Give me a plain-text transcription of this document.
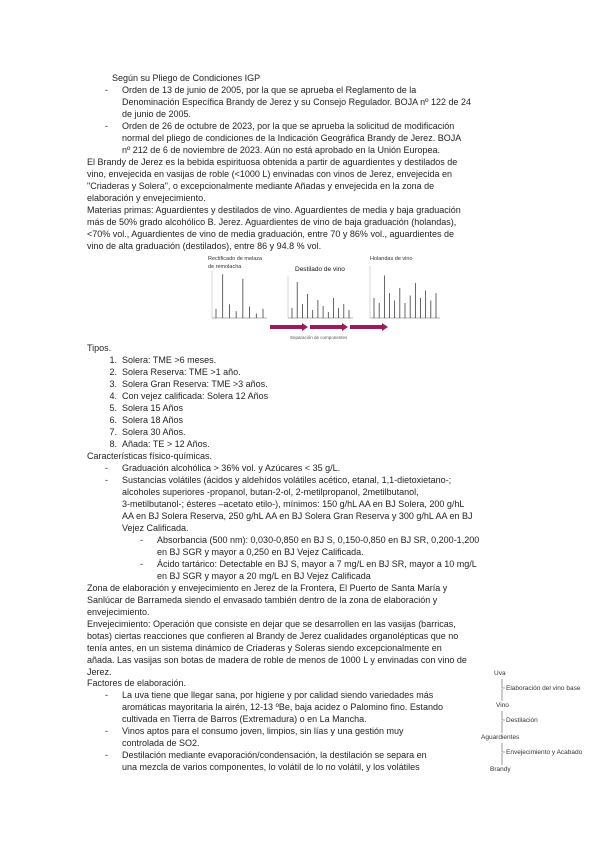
Según su Pliego de Condiciones IGP

- Orden de 13 de junio de 2005, por la que se aprueba el Reglamento de la

Denominación Específica Brandy de Jerez y su Consejo Regulador. BOJA nº 122 de 24

de junio de 2005.

- Orden de 26 de octubre de 2023, por la que se aprueba la solicitud de modificación

normal del pliego de condiciones de la Indicación Geográfica Brandy de Jerez. BOJA

nº 212 de 6 de noviembre de 2023. Aún no está aprobado en la Unión Europea.

El Brandy de Jerez es la bebida espirituosa obtenida a partir de aguardientes y destilados de

vino, envejecida en vasijas de roble (<1000 L) envinadas con vinos de Jerez, envejecida en

"Criaderas y Solera", o excepcionalmente mediante Añadas y envejecida en la zona de

elaboración y envejecimiento.

Materias primas: Aguardientes y destilados de vino. Aguardientes de media y baja graduación

más de 50% grado alcohólico B. Jerez. Aguardientes de vino de baja graduación (holandas),

<70% vol., Aguardientes de vino de media graduación, entre 70 y 86% vol., aguardientes de

vino de alta graduación (destilados), entre 86 y 94.8 % vol.

Rectificado de melaza
de remolacha	Destilado de vino
Holandas de vino
Separación de componentes

Tipos.

1. Solera: TME >6 meses.

2. Solera Reserva: TME >1 año.

3. Solera Gran Reserva: TME >3 años.

4. Con vejez calificada: Solera 12 Años

5. Solera 15 Años

6. Solera 18 Años

7. Solera 30 Años.

8. Añada: TE > 12 Años.

Características físico-químicas.

- Graduación alcohólica > 36% vol. y Azúcares < 35 g/L.

- Sustancias volátiles (ácidos y aldehídos volátiles acético, etanal, 1,1-dietoxietano-;

alcoholes superiores -propanol, butan-2-ol, 2-metilpropanol, 2metilbutanol,

3-metilbutanol-; ésteres –acetato etilo-), mínimos: 150 g/hL AA en BJ Solera, 200 g/hL

AA en BJ Solera Reserva, 250 g/hL AA en BJ Solera Gran Reserva y 300 g/hL AA en BJ

Vejez Calificada.

- Absorbancia (500 nm): 0,030-0,850 en BJ S, 0,150-0,850 en BJ SR, 0,200-1,200

en BJ SGR y mayor a 0,250 en BJ Vejez Calificada.

- Ácido tartárico: Detectable en BJ S, mayor a 7 mg/L en BJ SR, mayor a 10 mg/L

en BJ SGR y mayor a 20 mg/L en BJ Vejez Calificada

Zona de elaboración y envejecimiento en Jerez de la Frontera, El Puerto de Santa María y

Sanlúcar de Barrameda siendo el envasado también dentro de la zona de elaboración y

envejecimiento.

Envejecimiento: Operación que consiste en dejar que se desarrollen en las vasijas (barricas,

botas) ciertas reacciones que confieren al Brandy de Jerez cualidades organolépticas que no

tenía antes, en un sistema dinámico de Criaderas y Soleras siendo excepcionalmente en

añada. Las vasijas son botas de madera de roble de menos de 1000 L y envinadas con vino de

Jerez.

Factores de elaboración.

- La uva tiene que llegar sana, por higiene y por calidad siendo variedades más

aromáticas mayoritaria la airén, 12-13 ºBe, baja acidez o Palomino fino. Estando

cultivada en Tierra de Barros (Extremadura) o en La Mancha.

- Vinos aptos para el consumo joven, limpios, sin lías y una gestión muy

controlada de SO2.

- Destilación mediante evaporación/condensación, la destilación se separa en

una mezcla de varios componentes, lo volátil de lo no volátil, y los volátiles

Uva
Elaboración del vino base
Vino
Destilación
Aguardientes
Envejecimiento y Acabado
Brandy
